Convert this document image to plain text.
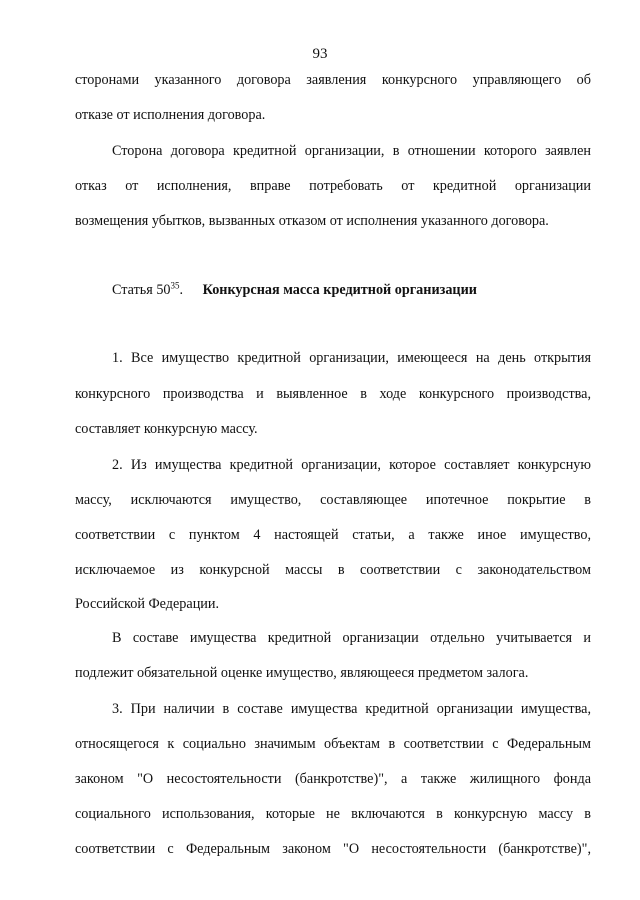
93
сторонами указанного договора заявления конкурсного управляющего об
отказе от исполнения договора.
Сторона договора кредитной организации, в отношении которого заявлен
отказ от исполнения, вправе потребовать от кредитной организации
возмещения убытков, вызванных отказом от исполнения указанного договора.
Статья $50^{35}$. Конкурсная масса кредитной организации
1. Все имущество кредитной организации, имеющееся на день открытия
конкурсного производства и выявленное в ходе конкурсного производства,
составляет конкурсную массу.
2. Из имущества кредитной организации, которое составляет конкурсную
массу, исключаются имущество, составляющее ипотечное покрытие в
соответствии с пунктом 4 настоящей статьи, а также иное имущество,
исключаемое из конкурсной массы в соответствии с законодательством
Российской Федерации.
В составе имущества кредитной организации отдельно учитывается и
подлежит обязательной оценке имущество, являющееся предметом залога.
3. При наличии в составе имущества кредитной организации имущества,
относящегося к социально значимым объектам в соответствии с Федеральным
законом "О несостоятельности (банкротстве)", а также жилищного фонда
социального использования, которые не включаются в конкурсную массу в
соответствии с Федеральным законом "О несостоятельности (банкротстве)",
